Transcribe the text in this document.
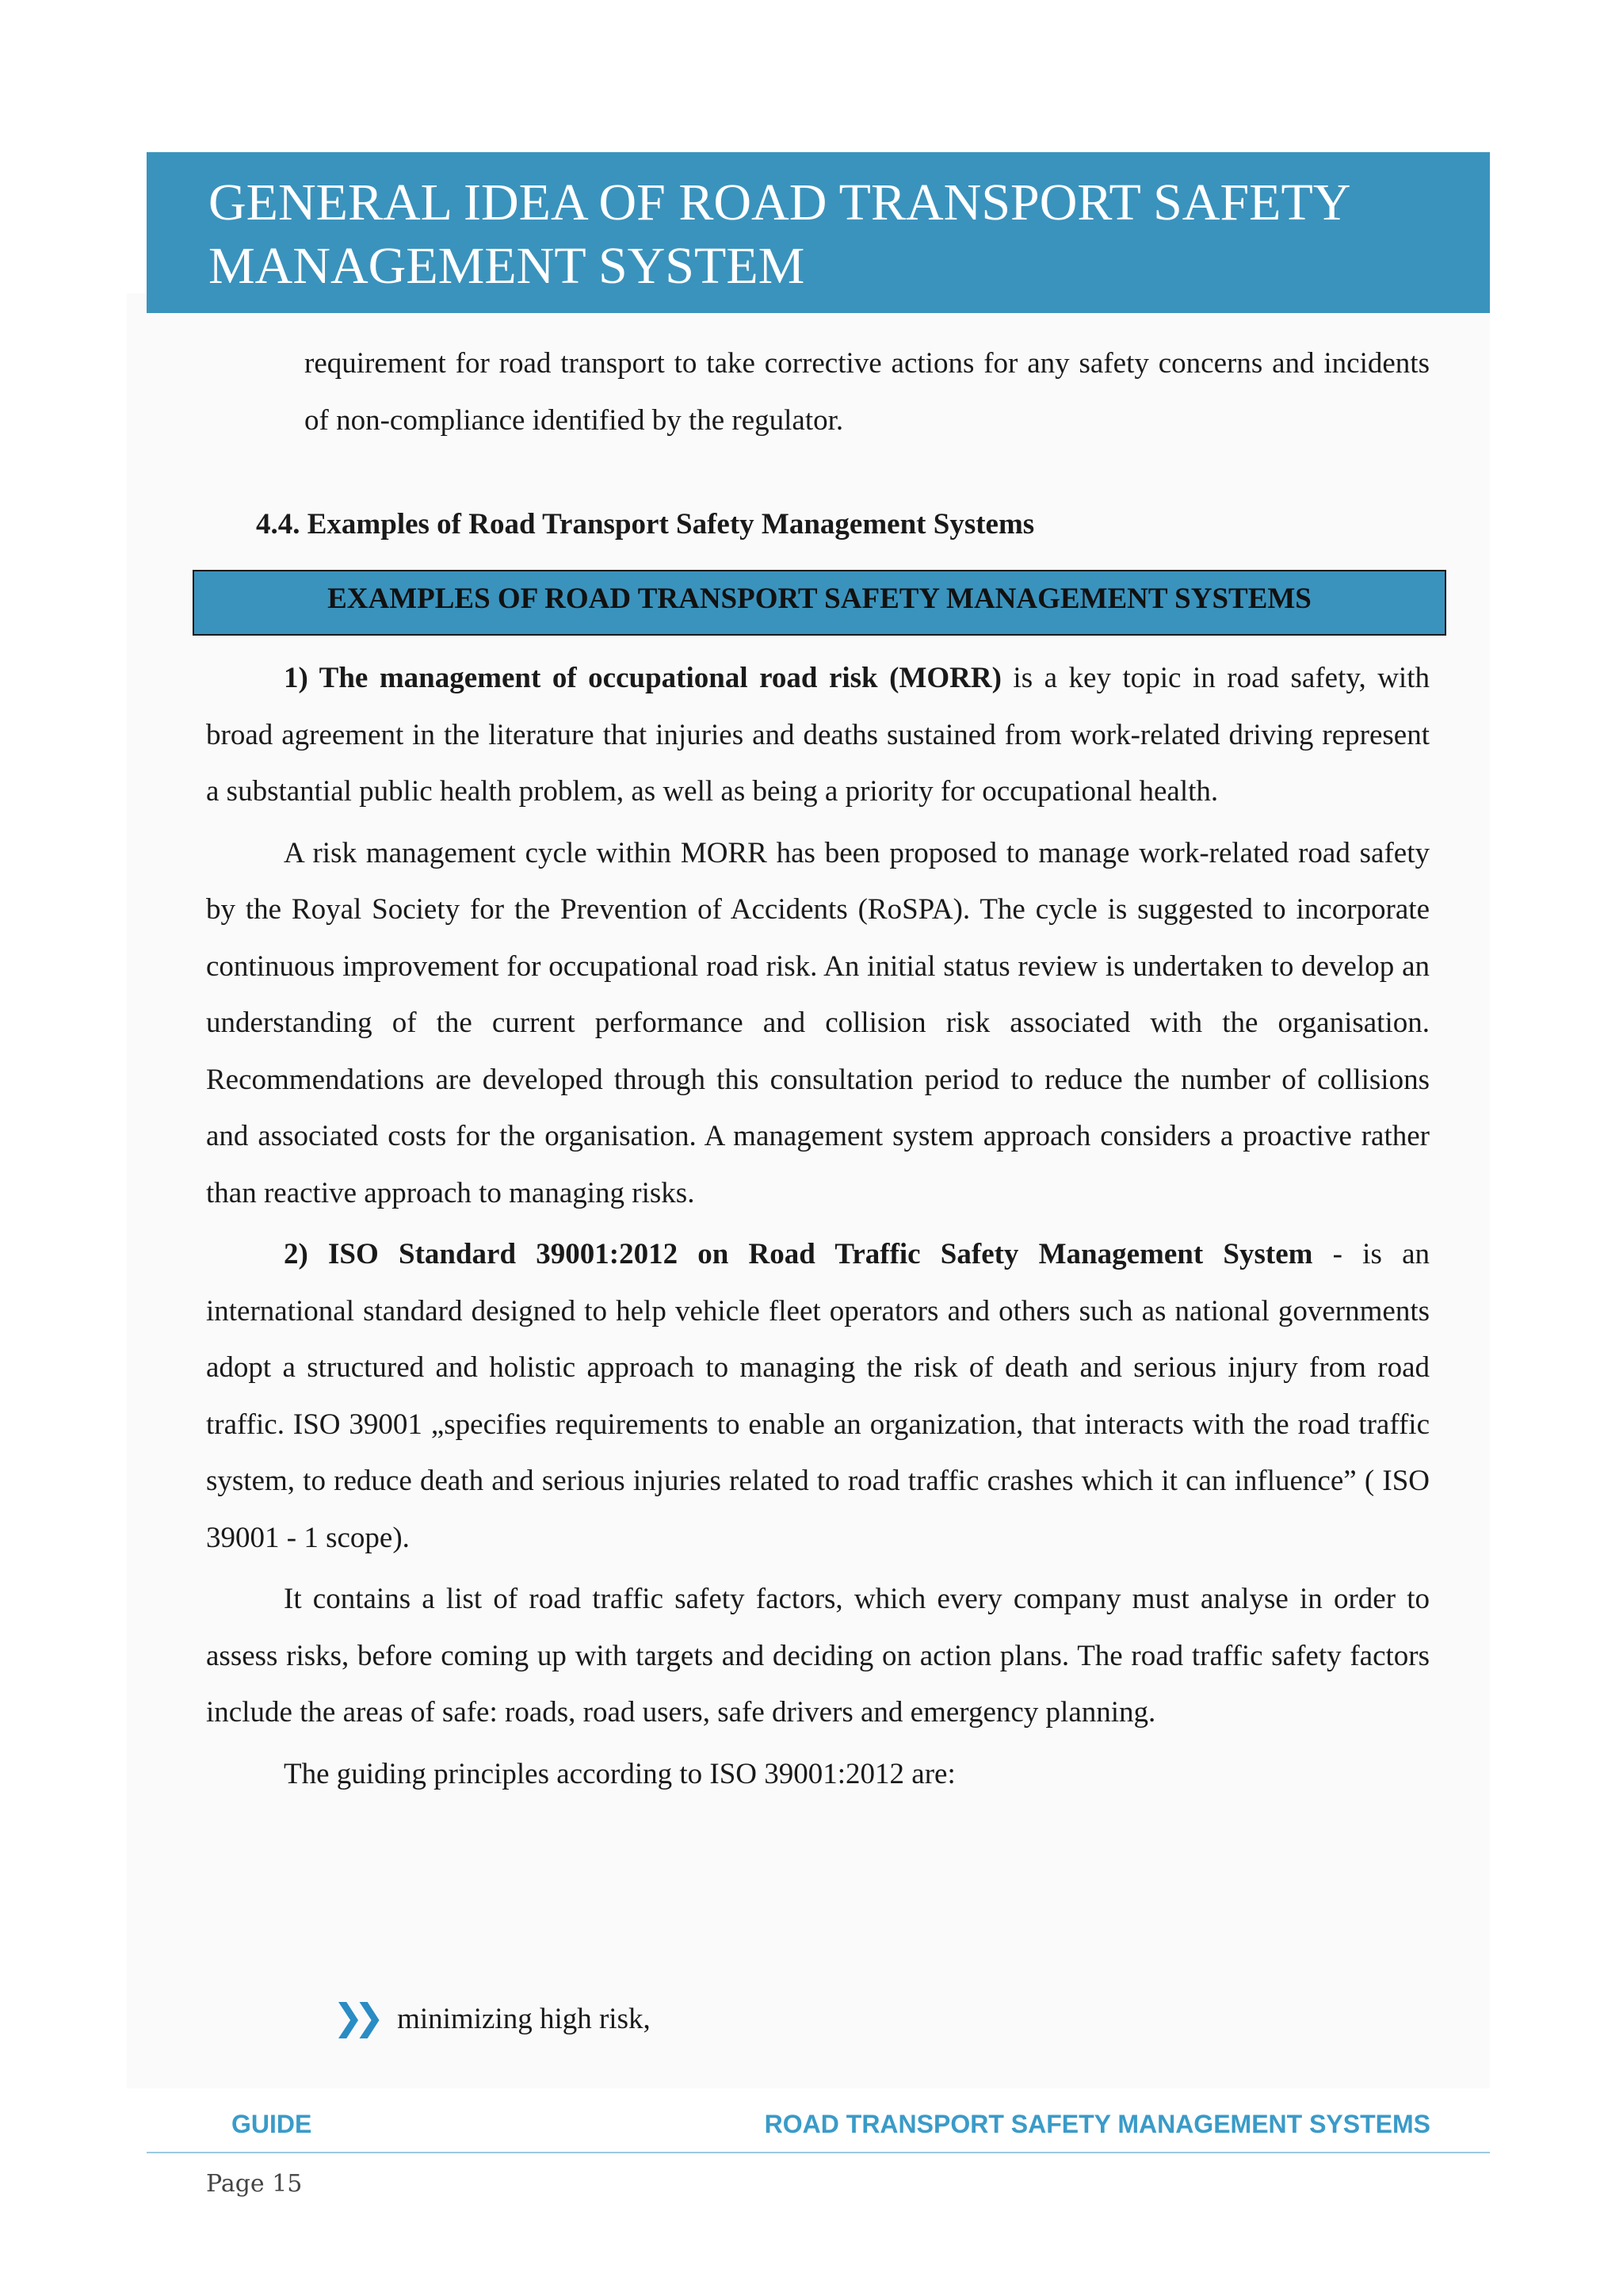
GENERAL IDEA OF ROAD TRANSPORT SAFETY
MANAGEMENT SYSTEM
requirement for road transport to take corrective actions for any safety concerns and incidents of non-compliance identified by the regulator.
4.4. Examples of Road Transport Safety Management Systems
EXAMPLES OF ROAD TRANSPORT SAFETY MANAGEMENT SYSTEMS

1) The management of occupational road risk (MORR) is a key topic in road safety, with broad agreement in the literature that injuries and deaths sustained from work-related driving represent a substantial public health problem, as well as being a priority for occupational health.

A risk management cycle within MORR has been proposed to manage work-related road safety by the Royal Society for the Prevention of Accidents (RoSPA). The cycle is suggested to incorporate continuous improvement for occupational road risk. An initial status review is undertaken to develop an understanding of the current performance and collision risk associated with the organisation. Recommendations are developed through this consultation period to reduce the number of collisions and associated costs for the organisation. A management system approach considers a proactive rather than reactive approach to managing risks.

2) ISO Standard 39001:2012 on Road Traffic Safety Management System - is an international standard designed to help vehicle fleet operators and others such as national governments adopt a structured and holistic approach to managing the risk of death and serious injury from road traffic. ISO 39001 „specifies requirements to enable an organization, that interacts with the road traffic system, to reduce death and serious injuries related to road traffic crashes which it can influence” ( ISO 39001 - 1 scope).

It contains a list of road traffic safety factors, which every company must analyse in order to assess risks, before coming up with targets and deciding on action plans. The road traffic safety factors include the areas of safe: roads, road users, safe drivers and emergency planning.

The guiding principles according to ISO 39001:2012 are:

❯❯ minimizing high risk,
GUIDE	ROAD TRANSPORT SAFETY MANAGEMENT SYSTEMS
Page 15
